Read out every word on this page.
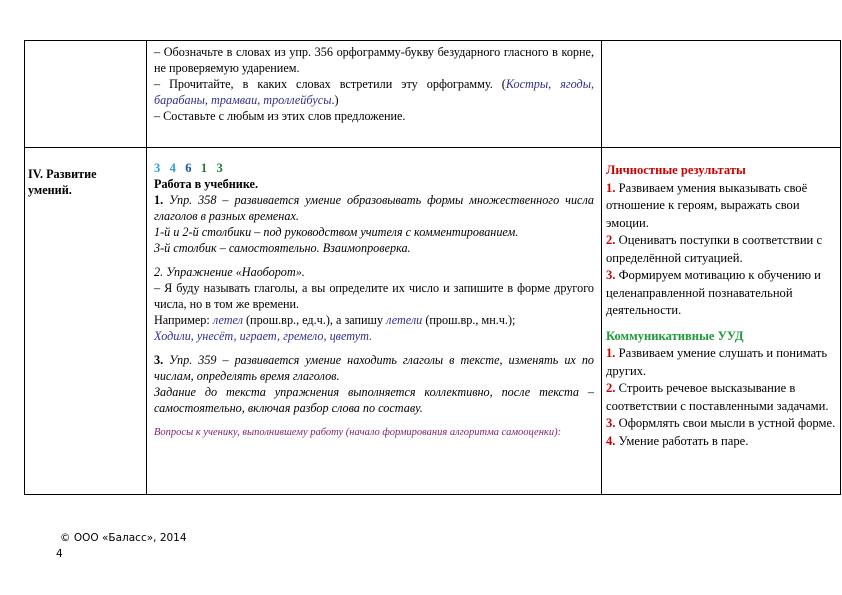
– Обозначьте в словах из упр. 356 орфограмму-букву безударного гласного в корне, не проверяемую ударением.

– Прочитайте, в каких словах встретили эту орфограмму. (Костры, ягоды, барабаны, трамваи, троллейбусы.)

– Составьте с любым из этих слов предложение.

IV. Развитие умений.

3 4 6 1 3

Работа в учебнике.

1. Упр. 358 – развивается умение образовывать формы множественного числа глаголов в разных временах.

1-й и 2-й столбики – под руководством учителя с комментированием.

3-й столбик – самостоятельно. Взаимопроверка.

2. Упражнение «Наоборот».

– Я буду называть глаголы, а вы определите их число и запишите в форме другого числа, но в том же времени.

Например: летел (прош.вр., ед.ч.), а запишу летели (прош.вр., мн.ч.);

Ходили, унесёт, играет, гремело, цветут.

3. Упр. 359 – развивается умение находить глаголы в тексте, изменять их по числам, определять время глаголов.

Задание до текста упражнения выполняется коллективно, после текста – самостоятельно, включая разбор слова по составу.

Вопросы к ученику, выполнившему работу (начало формирования алгоритма самооценки):

Личностные результаты

1. Развиваем умения выказывать своё отношение к героям, выражать свои эмоции.

2. Оцениватъ поступки в соответствии с определённой ситуацией.

3. Формируем мотивацию к обучению и целенаправленной познавательной деятельности.

Коммуникативные УУД

1. Развиваем умение слушать и понимать других.

2. Строить речевое высказывание в соответствии с поставленными задачами.

3. Оформлять свои мысли в устной форме.

4. Умение работать в паре.

© ООО «Баласс», 2014
4
